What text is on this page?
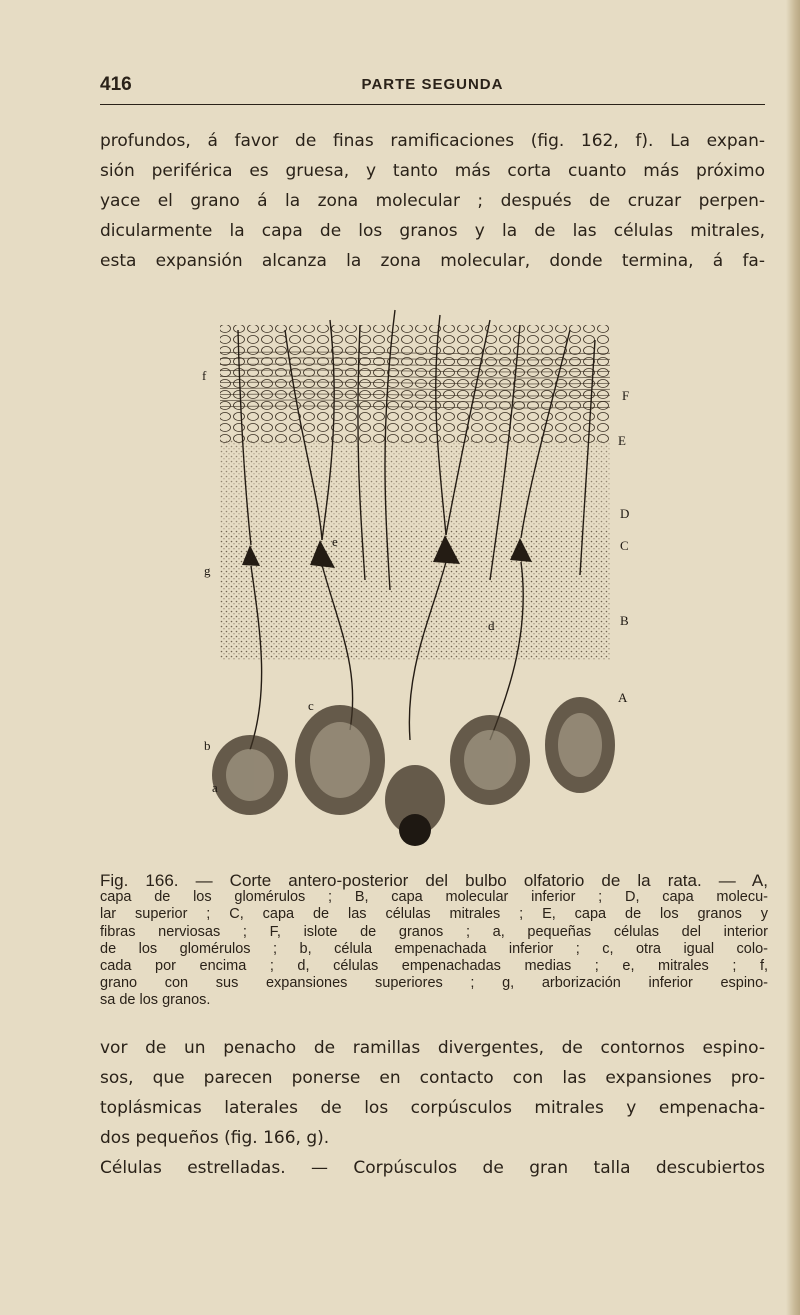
416	PARTE SEGUNDA

profundos, á favor de finas ramificaciones (fig. 162, f). La expan-
sión periférica es gruesa, y tanto más corta cuanto más próximo
yace el grano á la zona molecular ; después de cruzar perpen-
dicularmente la capa de los granos y la de las células mitrales,
esta expansión alcanza la zona molecular, donde termina, á fa-

f
F
E
D
C
B
A
e
g
d
c
b
a

Fig. 166. — Corte antero-posterior del bulbo olfatorio de la rata. — A,
capa de los glomérulos ; B, capa molecular inferior ; D, capa molecu-
lar superior ; C, capa de las células mitrales ; E, capa de los granos y
fibras nerviosas ; F, islote de granos ; a, pequeñas células del interior
de los glomérulos ; b, célula empenachada inferior ; c, otra igual colo-
cada por encima ; d, células empenachadas medias ; e, mitrales ; f,
grano con sus expansiones superiores ; g, arborización inferior espino-
sa de los granos.

vor de un penacho de ramillas divergentes, de contornos espino-
sos, que parecen ponerse en contacto con las expansiones pro-
toplásmicas laterales de los corpúsculos mitrales y empenacha-
dos pequeños (fig. 166, g).
Células estrelladas. — Corpúsculos de gran talla descubiertos
